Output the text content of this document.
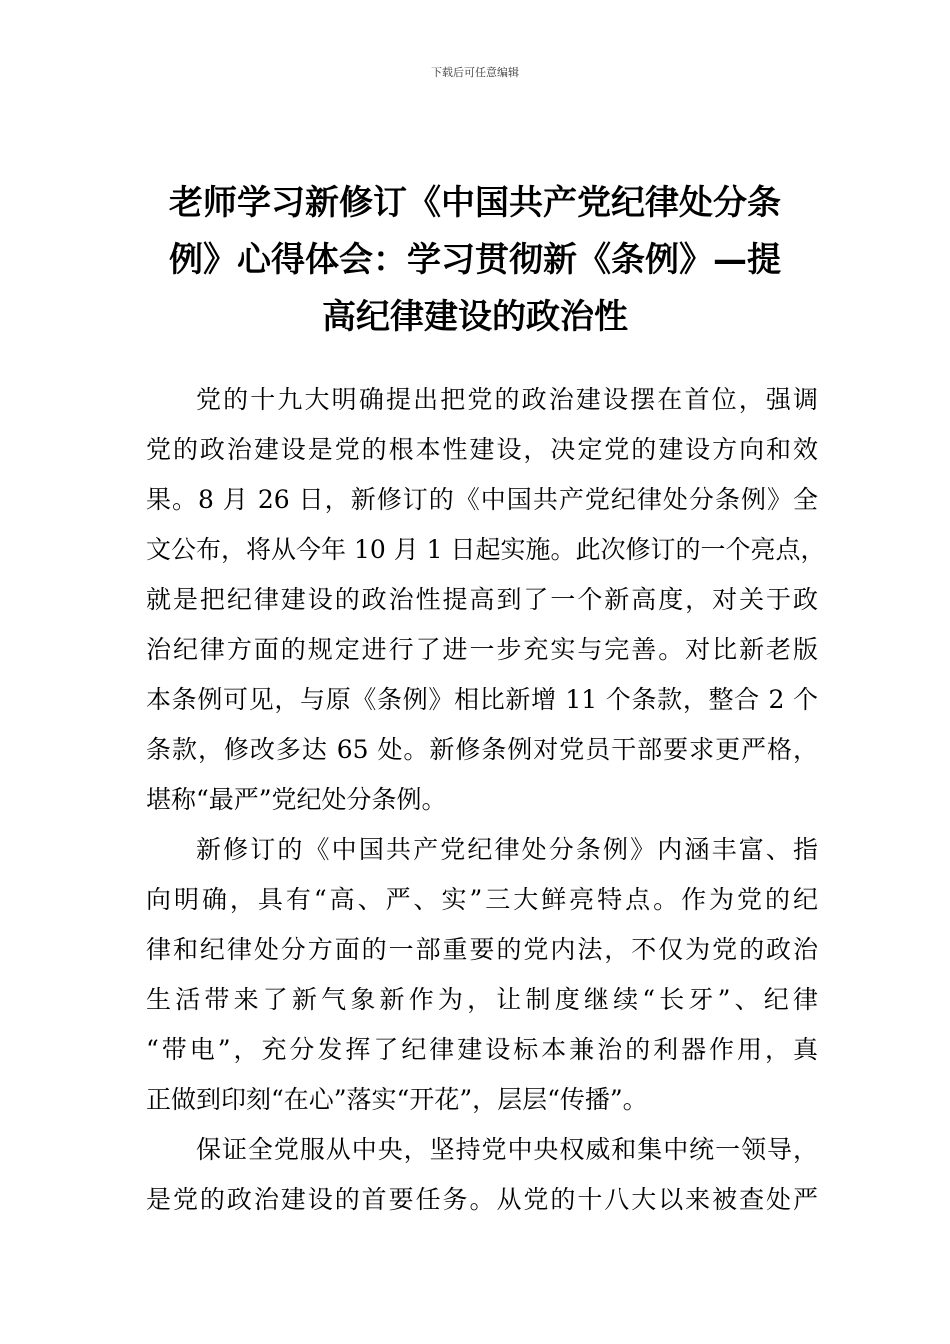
下载后可任意编辑
老师学习新修订《中国共产党纪律处分条
例》心得体会：学习贯彻新《条例》—提
高纪律建设的政治性
党的十九大明确提出把党的政治建设摆在首位，强调
党的政治建设是党的根本性建设，决定党的建设方向和效
果。8 月 26 日，新修订的《中国共产党纪律处分条例》全
文公布，将从今年 10 月 1 日起实施。此次修订的一个亮点，
就是把纪律建设的政治性提高到了一个新高度，对关于政
治纪律方面的规定进行了进一步充实与完善。对比新老版
本条例可见，与原《条例》相比新增 11 个条款，整合 2 个
条款，修改多达 65 处。新修条例对党员干部要求更严格，
堪称“最严”党纪处分条例。
新修订的《中国共产党纪律处分条例》内涵丰富、指
向明确，具有“高、严、实”三大鲜亮特点。作为党的纪
律和纪律处分方面的一部重要的党内法，不仅为党的政治
生活带来了新气象新作为，让制度继续“长牙”、纪律
“带电”，充分发挥了纪律建设标本兼治的利器作用，真
正做到印刻“在心”落实“开花”，层层“传播”。
保证全党服从中央，坚持党中央权威和集中统一领导，
是党的政治建设的首要任务。从党的十八大以来被查处严
